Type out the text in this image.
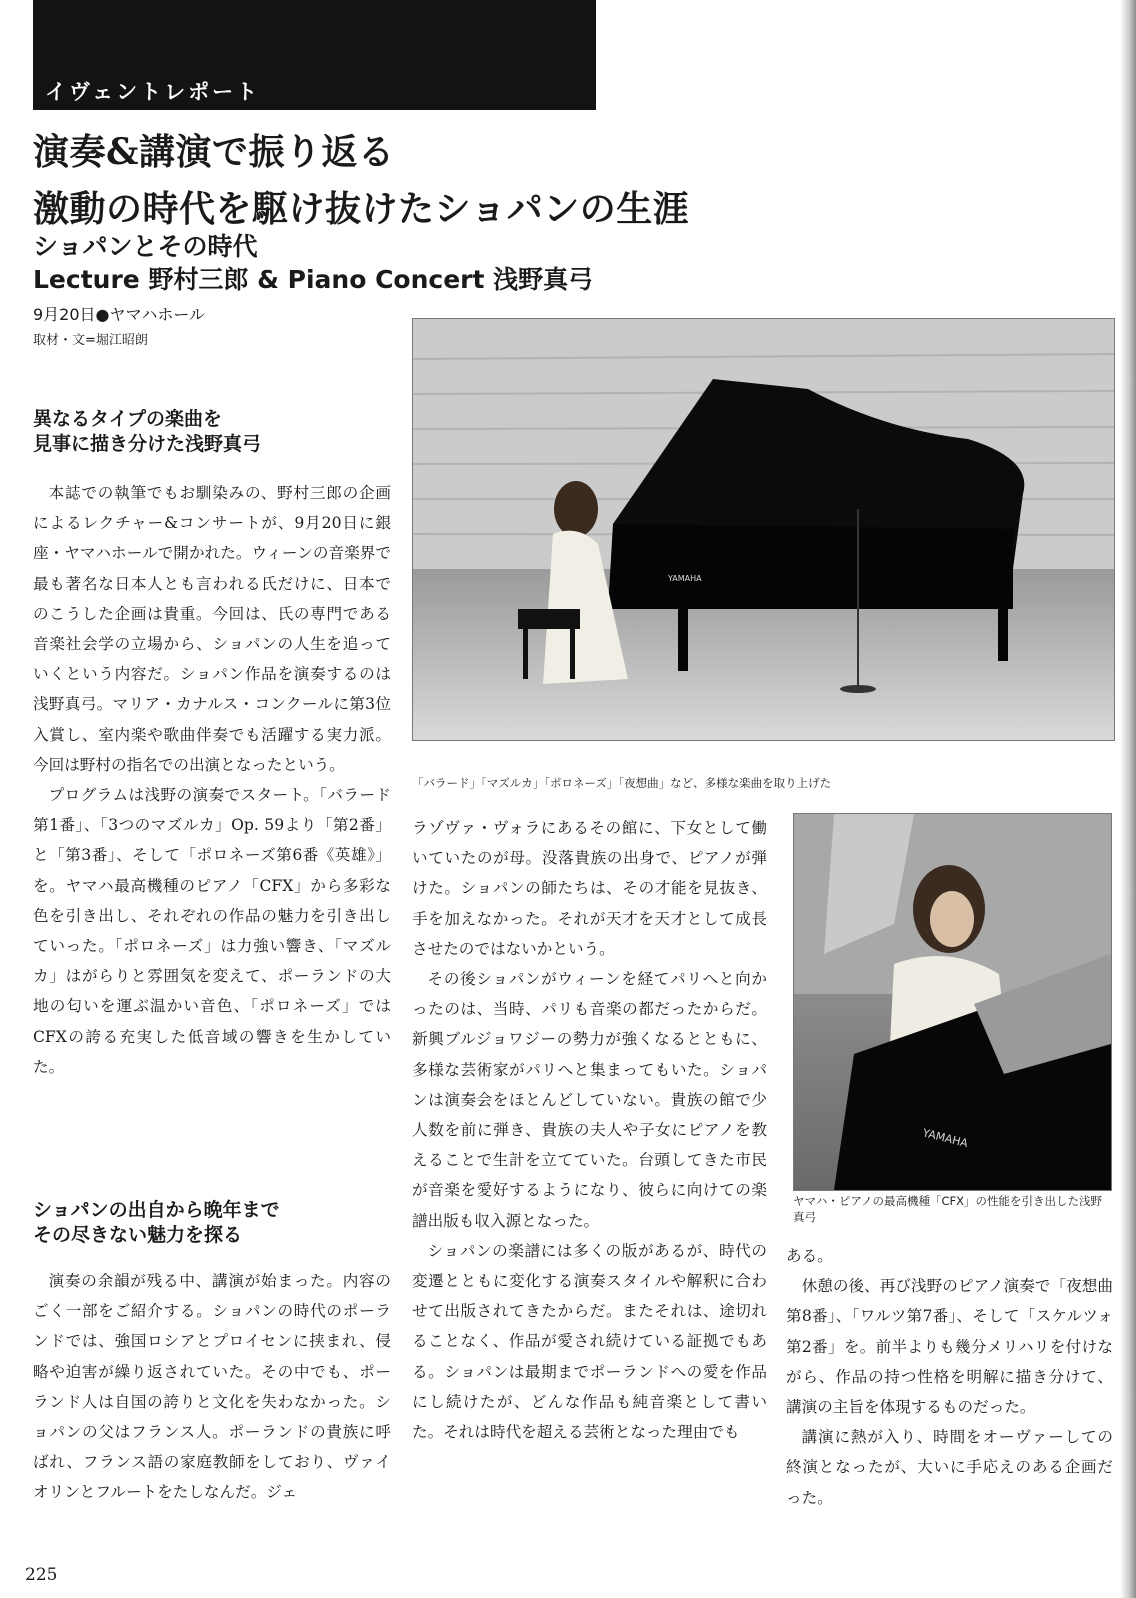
イヴェントレポート
演奏&講演で振り返る
激動の時代を駆け抜けたショパンの生涯
ショパンとその時代
Lecture 野村三郎 & Piano Concert 浅野真弓
9月20日●ヤマハホール
取材・文=堀江昭朗
YAMAHA
「バラード」「マズルカ」「ポロネーズ」「夜想曲」など、多様な楽曲を取り上げた
YAMAHA
ヤマハ・ピアノの最高機種「CFX」の性能を引き出した浅野真弓
異なるタイプの楽曲を
見事に描き分けた浅野真弓

本誌での執筆でもお馴染みの、野村三郎の企画によるレクチャー&コンサートが、9月20日に銀座・ヤマハホールで開かれた。ウィーンの音楽界で最も著名な日本人とも言われる氏だけに、日本でのこうした企画は貴重。今回は、氏の専門である音楽社会学の立場から、ショパンの人生を追っていくという内容だ。ショパン作品を演奏するのは浅野真弓。マリア・カナルス・コンクールに第3位入賞し、室内楽や歌曲伴奏でも活躍する実力派。今回は野村の指名での出演となったという。

プログラムは浅野の演奏でスタート。「バラード第1番」、「3つのマズルカ」Op. 59より「第2番」と「第3番」、そして「ポロネーズ第6番《英雄》」を。ヤマハ最高機種のピアノ「CFX」から多彩な色を引き出し、それぞれの作品の魅力を引き出していった。「ポロネーズ」は力強い響き、「マズルカ」はがらりと雰囲気を変えて、ポーランドの大地の匂いを運ぶ温かい音色、「ポロネーズ」ではCFXの誇る充実した低音域の響きを生かしていた。

ショパンの出自から晩年まで
その尽きない魅力を探る

演奏の余韻が残る中、講演が始まった。内容のごく一部をご紹介する。ショパンの時代のポーランドでは、強国ロシアとプロイセンに挟まれ、侵略や迫害が繰り返されていた。その中でも、ポーランド人は自国の誇りと文化を失わなかった。ショパンの父はフランス人。ポーランドの貴族に呼ばれ、フランス語の家庭教師をしており、ヴァイオリンとフルートをたしなんだ。ジェ

ラゾヴァ・ヴォラにあるその館に、下女として働いていたのが母。没落貴族の出身で、ピアノが弾けた。ショパンの師たちは、その才能を見抜き、手を加えなかった。それが天才を天才として成長させたのではないかという。

その後ショパンがウィーンを経てパリへと向かったのは、当時、パリも音楽の都だったからだ。新興ブルジョワジーの勢力が強くなるとともに、多様な芸術家がパリへと集まってもいた。ショパンは演奏会をほとんどしていない。貴族の館で少人数を前に弾き、貴族の夫人や子女にピアノを教えることで生計を立てていた。台頭してきた市民が音楽を愛好するようになり、彼らに向けての楽譜出版も収入源となった。

ショパンの楽譜には多くの版があるが、時代の変遷とともに変化する演奏スタイルや解釈に合わせて出版されてきたからだ。またそれは、途切れることなく、作品が愛され続けている証拠でもある。ショパンは最期までポーランドへの愛を作品にし続けたが、どんな作品も純音楽として書いた。それは時代を超える芸術となった理由でも

ある。

休憩の後、再び浅野のピアノ演奏で「夜想曲第8番」、「ワルツ第7番」、そして「スケルツォ第2番」を。前半よりも幾分メリハリを付けながら、作品の持つ性格を明解に描き分けて、講演の主旨を体現するものだった。

講演に熱が入り、時間をオーヴァーしての終演となったが、大いに手応えのある企画だった。

225
